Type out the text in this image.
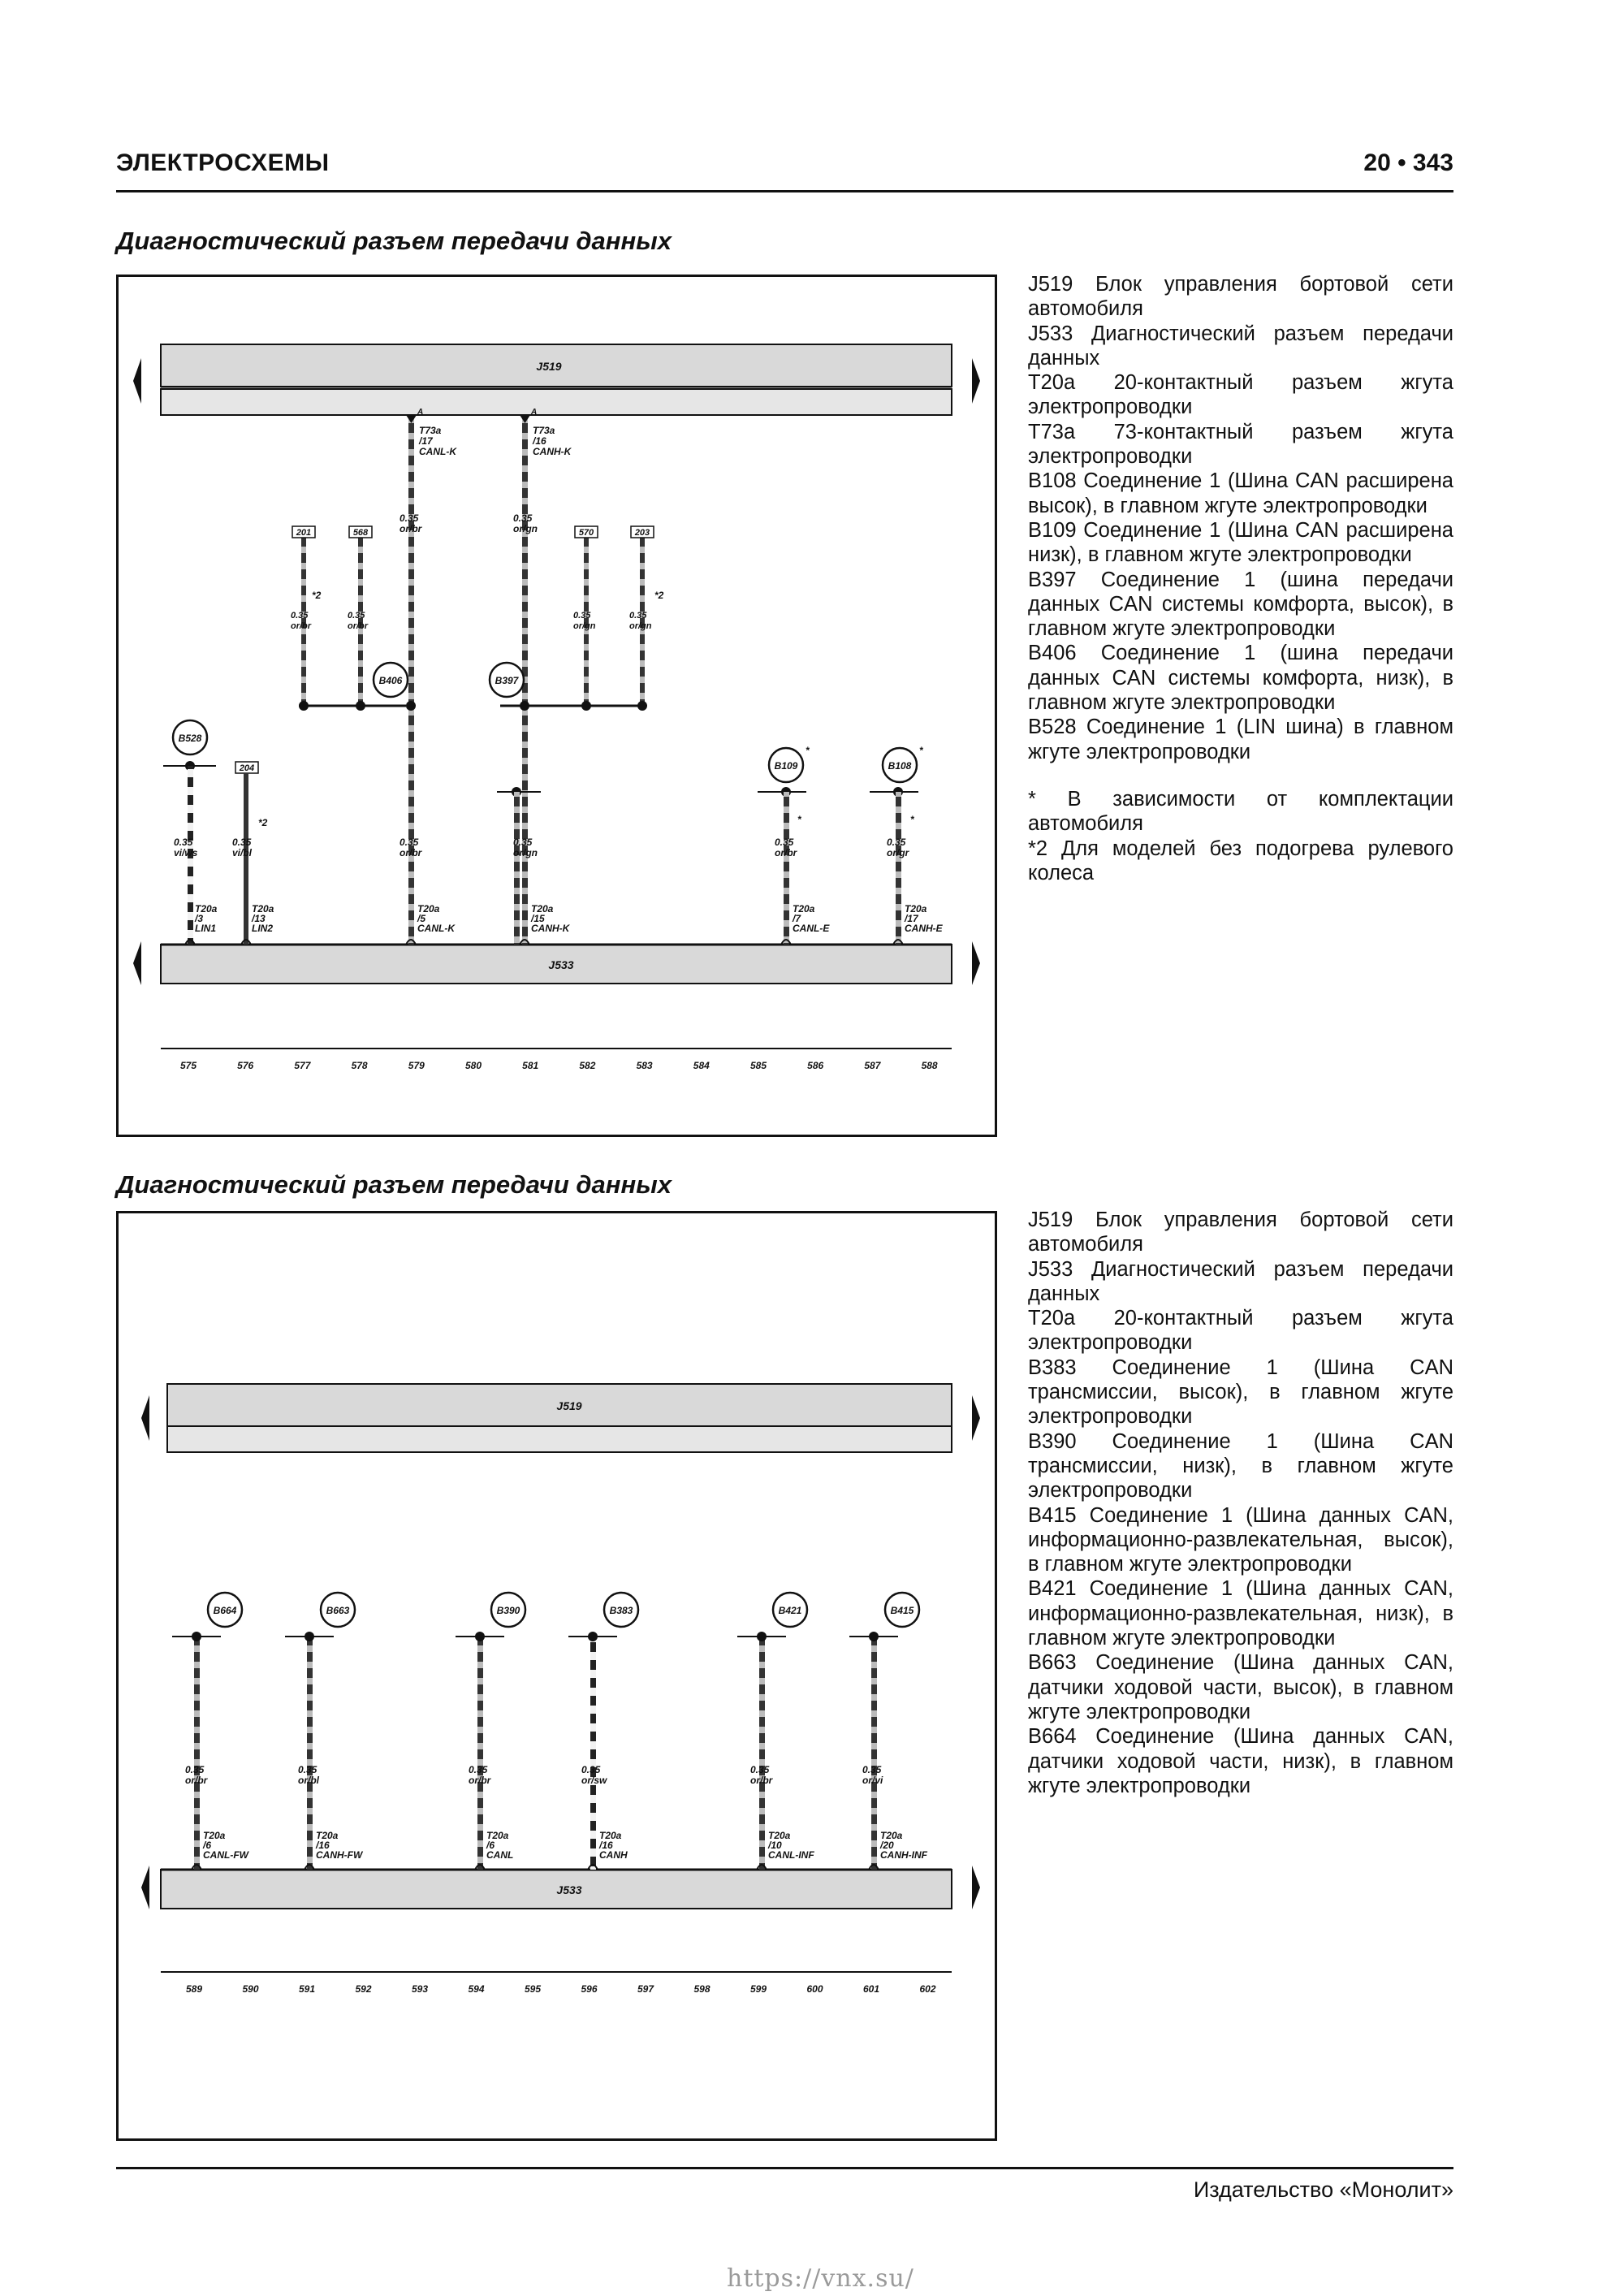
ЭЛЕКТРОСХЕМЫ	20 • 343
Диагностический разъем передачи данных
J519
J533
A	A
T73a /17 CANL-K
T73a /16 CANH-K
0.35 or/br
0.35 or/gn
201	568	570	203
*2	*2
0.35 or/br
0.35 or/br
0.35 or/gn
0.35 or/gn
B406	B397
B528
204
*2
B109	B108
*	*
*	*
0.35 vi/ws
0.35 vi/bl
0.35 or/br
0.35 or/gn
0.35 or/br
0.35 or/gr
T20a /3 LIN1
T20a /13 LIN2
T20a /5 CANL-K
T20a /15 CANH-K
T20a /7 CANL-E
T20a /17 CANH-E
575	576	577	578	579	580	581	582	583	584	585	586	587	588
J519 Блок управления бортовой сети автомобиля
J533 Диагностический разъем передачи данных
T20a 20-контактный разъем жгута электропроводки
T73a 73-контактный разъем жгута электропроводки
B108 Соединение 1 (Шина CAN расширена высок), в главном жгуте электропроводки
B109 Соединение 1 (Шина CAN расширена низк), в главном жгуте электропроводки
B397 Соединение 1 (шина передачи данных CAN системы комфорта, высок), в главном жгуте электропроводки
B406 Соединение 1 (шина передачи данных CAN системы комфорта, низк), в главном жгуте электропроводки
B528 Соединение 1 (LIN шина) в главном жгуте электропроводки
* В зависимости от комплектации автомобиля
*2 Для моделей без подогрева рулевого колеса
Диагностический разъем передачи данных
J519
J533
B664
0.35 or/br
T20a /6 CANL-FW
B663
0.35 or/bl
T20a /16 CANH-FW
B390
0.35 or/br
T20a /6 CANL
B383
0.35 or/sw
T20a /16 CANH
B421
0.35 or/br
T20a /10 CANL-INF
B415
0.35 or/vi
T20a /20 CANH-INF
589	590	591	592	593	594	595	596	597	598	599	600	601	602
J519 Блок управления бортовой сети автомобиля
J533 Диагностический разъем передачи данных
T20a 20-контактный разъем жгута электропроводки
B383 Соединение 1 (Шина CAN трансмиссии, высок), в главном жгуте электропроводки
B390 Соединение 1 (Шина CAN трансмиссии, низк), в главном жгуте электропроводки
B415 Соединение 1 (Шина данных CAN, информационно-развлекательная, высок), в главном жгуте электропроводки
B421 Соединение 1 (Шина данных CAN, информационно-развлекательная, низк), в главном жгуте электропроводки
B663 Соединение (Шина данных CAN, датчики ходовой части, высок), в главном жгуте электропроводки
B664 Соединение (Шина данных CAN, датчики ходовой части, низк), в главном жгуте электропроводки
Издательство «Монолит»
https://vnx.su/
